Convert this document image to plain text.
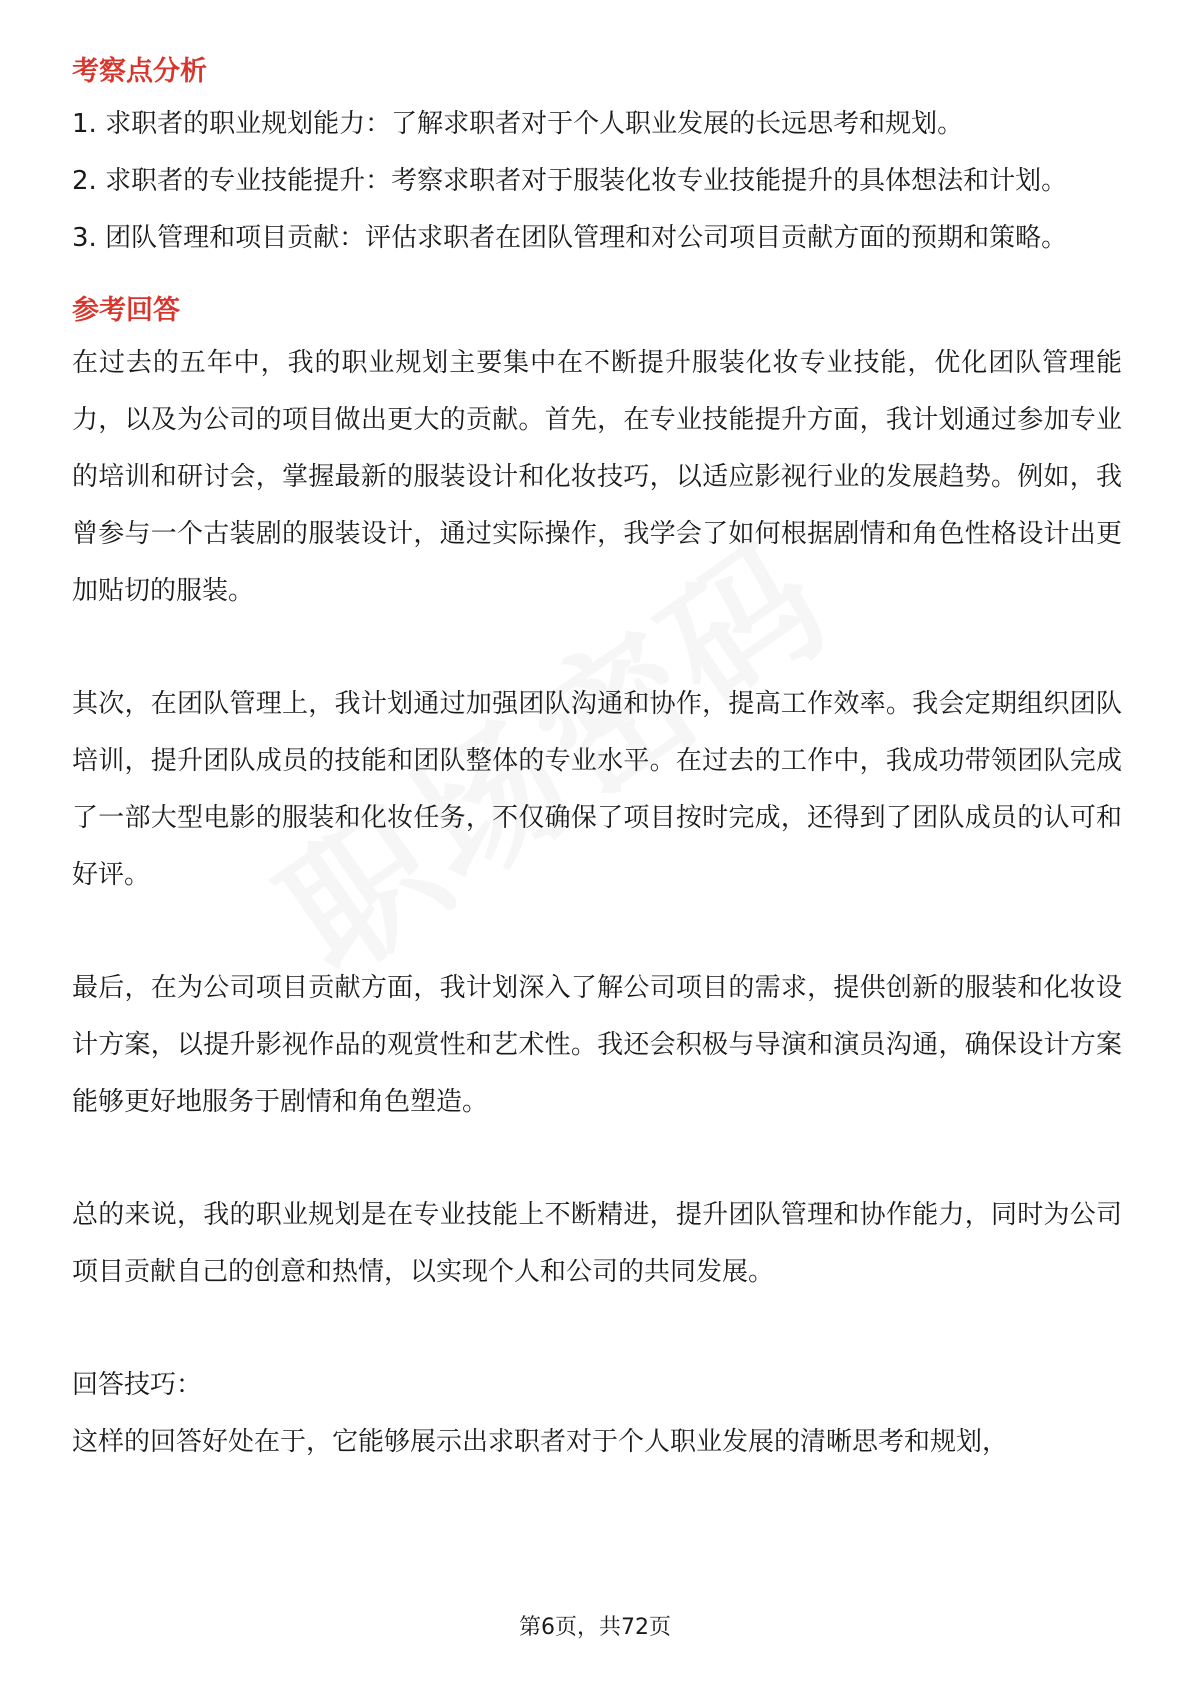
考察点分析

1. 求职者的职业规划能力：了解求职者对于个人职业发展的长远思考和规划。

2. 求职者的专业技能提升：考察求职者对于服装化妆专业技能提升的具体想法和计划。

3. 团队管理和项目贡献：评估求职者在团队管理和对公司项目贡献方面的预期和策略。

参考回答

在过去的五年中，我的职业规划主要集中在不断提升服装化妆专业技能，优化团队管理能力，以及为公司的项目做出更大的贡献。首先，在专业技能提升方面，我计划通过参加专业的培训和研讨会，掌握最新的服装设计和化妆技巧，以适应影视行业的发展趋势。例如，我曾参与一个古装剧的服装设计，通过实际操作，我学会了如何根据剧情和角色性格设计出更加贴切的服装。

其次，在团队管理上，我计划通过加强团队沟通和协作，提高工作效率。我会定期组织团队培训，提升团队成员的技能和团队整体的专业水平。在过去的工作中，我成功带领团队完成了一部大型电影的服装和化妆任务，不仅确保了项目按时完成，还得到了团队成员的认可和好评。

最后，在为公司项目贡献方面，我计划深入了解公司项目的需求，提供创新的服装和化妆设计方案，以提升影视作品的观赏性和艺术性。我还会积极与导演和演员沟通，确保设计方案能够更好地服务于剧情和角色塑造。

总的来说，我的职业规划是在专业技能上不断精进，提升团队管理和协作能力，同时为公司项目贡献自己的创意和热情，以实现个人和公司的共同发展。

回答技巧：

这样的回答好处在于，它能够展示出求职者对于个人职业发展的清晰思考和规划，

第6页，共72页
